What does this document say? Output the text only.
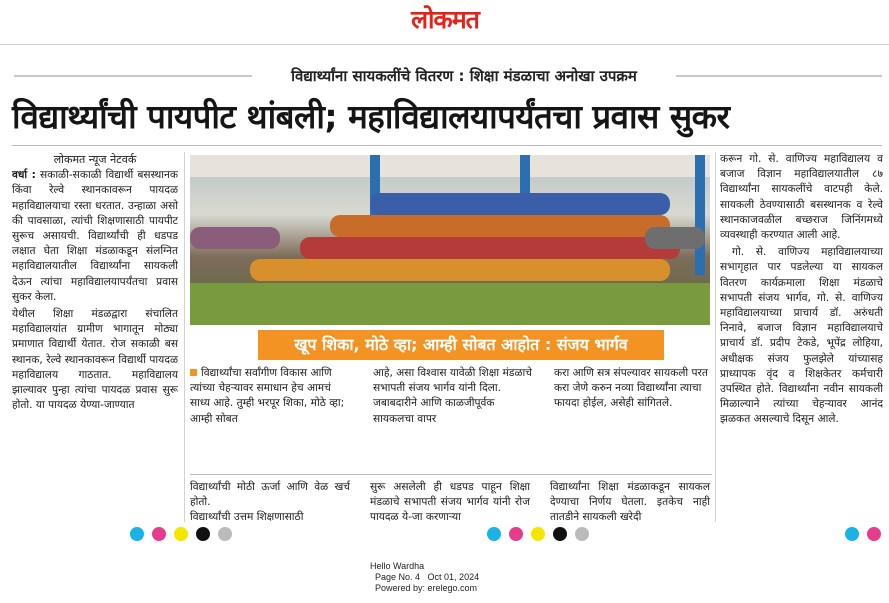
लोकमत
विद्यार्थ्यांना सायकलींचे वितरण : शिक्षा मंडळाचा अनोखा उपक्रम
विद्यार्थ्यांची पायपीट थांबली; महाविद्यालयापर्यंतचा प्रवास सुकर
लोकमत न्यूज नेटवर्क

वर्धा : सकाळी-सकाळी विद्यार्थी बसस्थानक किंवा रेल्वे स्थानकावरून पायदळ महाविद्यालयाचा रस्ता धरतात. उन्हाळा असो की पावसाळा, त्यांची शिक्षणासाठी पायपीट सुरूच असायची. विद्यार्थ्यांची ही धडपड लक्षात घेता शिक्षा मंडळाकडून संलग्नित महाविद्यालयातील विद्यार्थ्यांना सायकली देऊन त्यांचा महाविद्यालयापर्यंतचा प्रवास सुकर केला.

येथील शिक्षा मंडळद्वारा संचालित महाविद्यालयांत ग्रामीण भागातून मोठ्या प्रमाणात विद्यार्थी येतात. रोज सकाळी बस स्थानक, रेल्वे स्थानकावरून विद्यार्थी पायदळ महाविद्यालय गाठतात. महाविद्यालय झाल्यावर पुन्हा त्यांचा पायदळ प्रवास सुरू होतो. या पायदळ येण्या-जाण्यात

खूप शिका, मोठे व्हा; आम्ही सोबत आहोत : संजय भार्गव
विद्यार्थ्यांचा सर्वांगीण विकास आणि त्यांच्या चेहऱ्यावर समाधान हेच आमचं साध्य आहे. तुम्ही भरपूर शिका, मोठे व्हा; आम्ही सोबत
आहे, असा विश्वास यावेळी शिक्षा मंडळाचे सभापती संजय भार्गव यांनी दिला. जबाबदारीने आणि काळजीपूर्वक सायकलचा वापर
करा आणि सत्र संपल्यावर सायकली परत करा जेणे करुन नव्या विद्यार्थ्यांना त्याचा फायदा होईल, असेही सांगितले.
विद्यार्थ्यांची मोठी ऊर्जा आणि वेळ खर्च होतो.
विद्यार्थ्यांची उत्तम शिक्षणासाठी
सुरू असलेली ही धडपड पाहून शिक्षा मंडळाचे सभापती संजय भार्गव यांनी रोज पायदळ ये-जा करणाऱ्या
विद्यार्थ्यांना शिक्षा मंडळाकडून सायकल देण्याचा निर्णय घेतला. इतकेच नाही तातडीने सायकली खरेदी

करून गो. से. वाणिज्य महाविद्यालय व बजाज विज्ञान महाविद्यालयातील ८७ विद्यार्थ्यांना सायकलींचे वाटपही केले. सायकली ठेवण्यासाठी बसस्थानक व रेल्वे स्थानकाजवळील बच्छराज जिनिंगमध्ये व्यवस्थाही करण्यात आली आहे.

गो. से. वाणिज्य महाविद्यालयाच्या सभागृहात पार पडलेल्या या सायकल वितरण कार्यक्रमाला शिक्षा मंडळाचे सभापती संजय भार्गव, गो. से. वाणिज्य महाविद्यालयाच्या प्राचार्य डॉ. अरुंधती निनावे, बजाज विज्ञान महाविद्यालयाचे प्राचार्य डॉ. प्रदीप टेकडे, भूपेंद्र लोहिया, अधीक्षक संजय फुलझेले यांच्यासह प्राध्यापक वृंद व शिक्षकेतर कर्मचारी उपस्थित होते. विद्यार्थ्यांना नवीन सायकली मिळाल्याने त्यांच्या चेहऱ्यावर आनंद झळकत असल्याचे दिसून आले.

Hello Wardha
Page No. 4 Oct 01, 2024
Powered by: erelego.com
